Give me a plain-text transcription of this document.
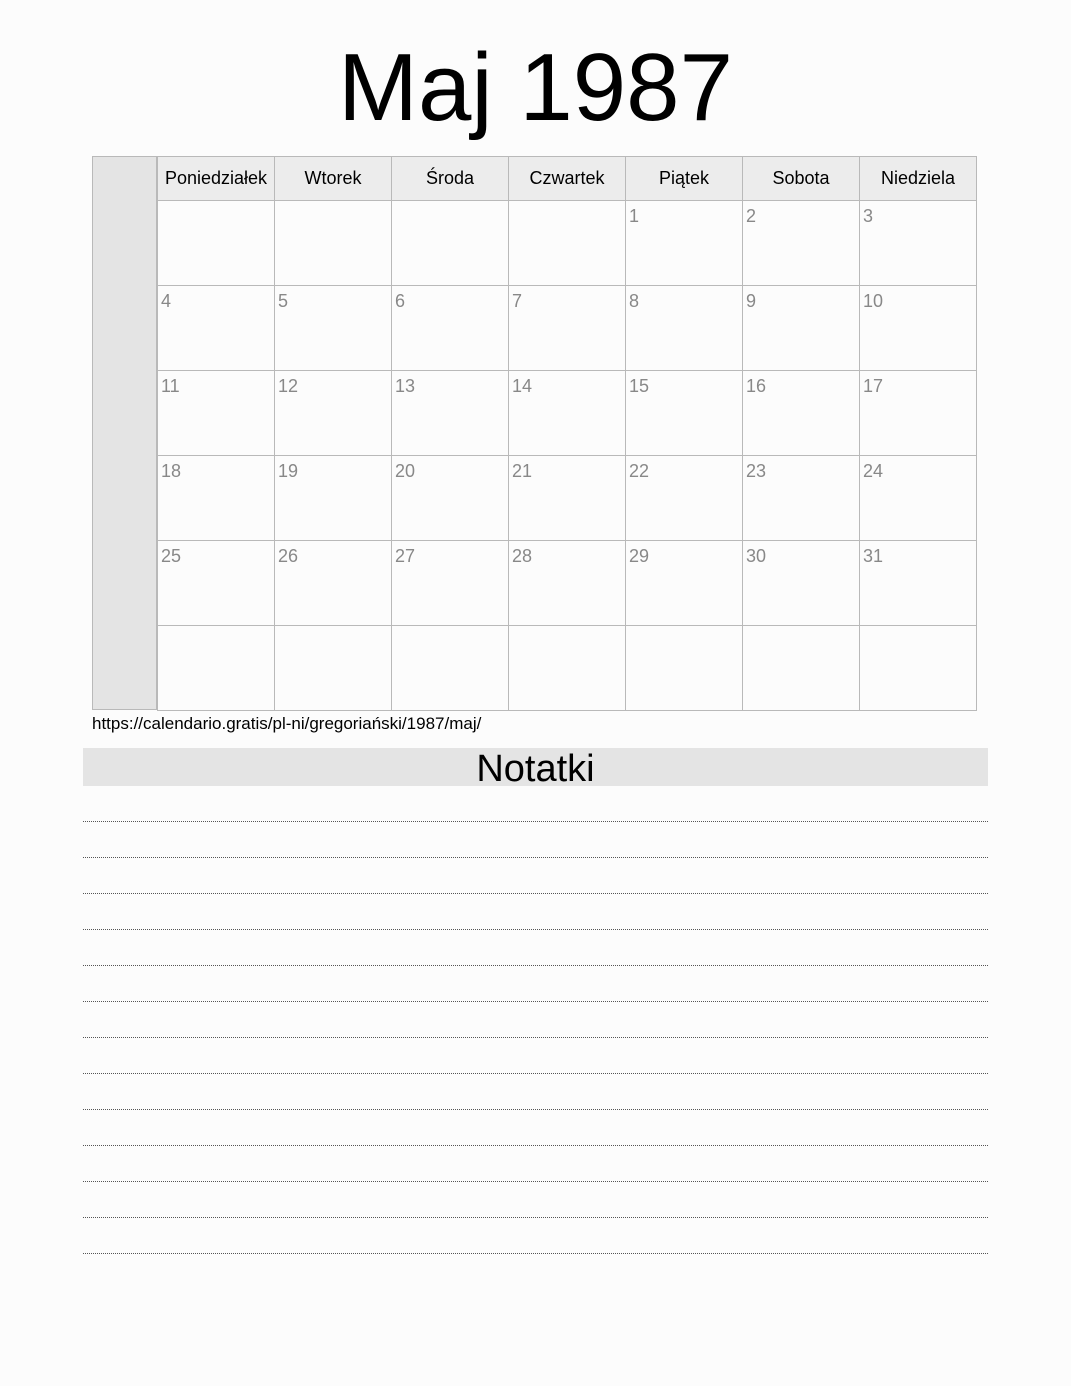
Maj 1987
Poniedziałek	Wtorek	Środa	Czwartek	Piątek	Sobota	Niedziela

				1	2	3

4	5	6	7	8	9	10

11	12	13	14	15	16	17

18	19	20	21	22	23	24

25	26	27	28	29	30	31

https://calendario.gratis/pl-ni/gregoriański/1987/maj/
Notatki
